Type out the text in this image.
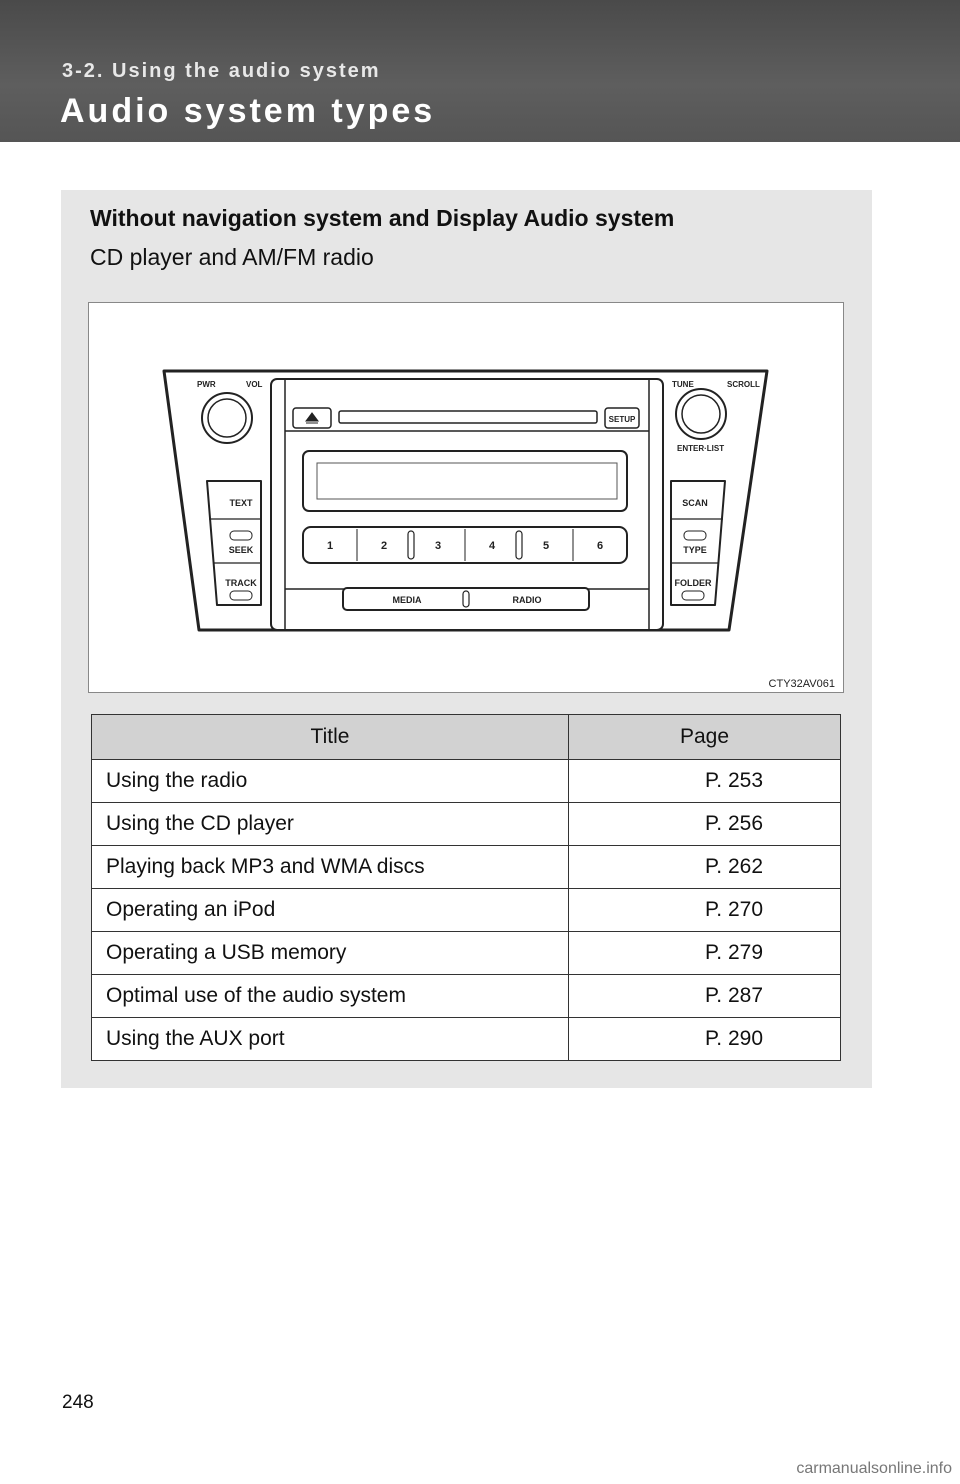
3-2. Using the audio system
Audio system types
Without navigation system and Display Audio system
CD player and AM/FM radio
SETUP
1	2	3	4	5	6
MEDIA	RADIO
PWR	VOL	TUNE	SCROLL
ENTER·LIST
TEXT
SEEK
TRACK
SCAN
TYPE
FOLDER
CTY32AV061
Title	Page
Using the radio	P. 253
Using the CD player	P. 256
Playing back MP3 and WMA discs	P. 262
Operating an iPod	P. 270
Operating a USB memory	P. 279
Optimal use of the audio system	P. 287
Using the AUX port	P. 290
248
carmanualsonline.info
